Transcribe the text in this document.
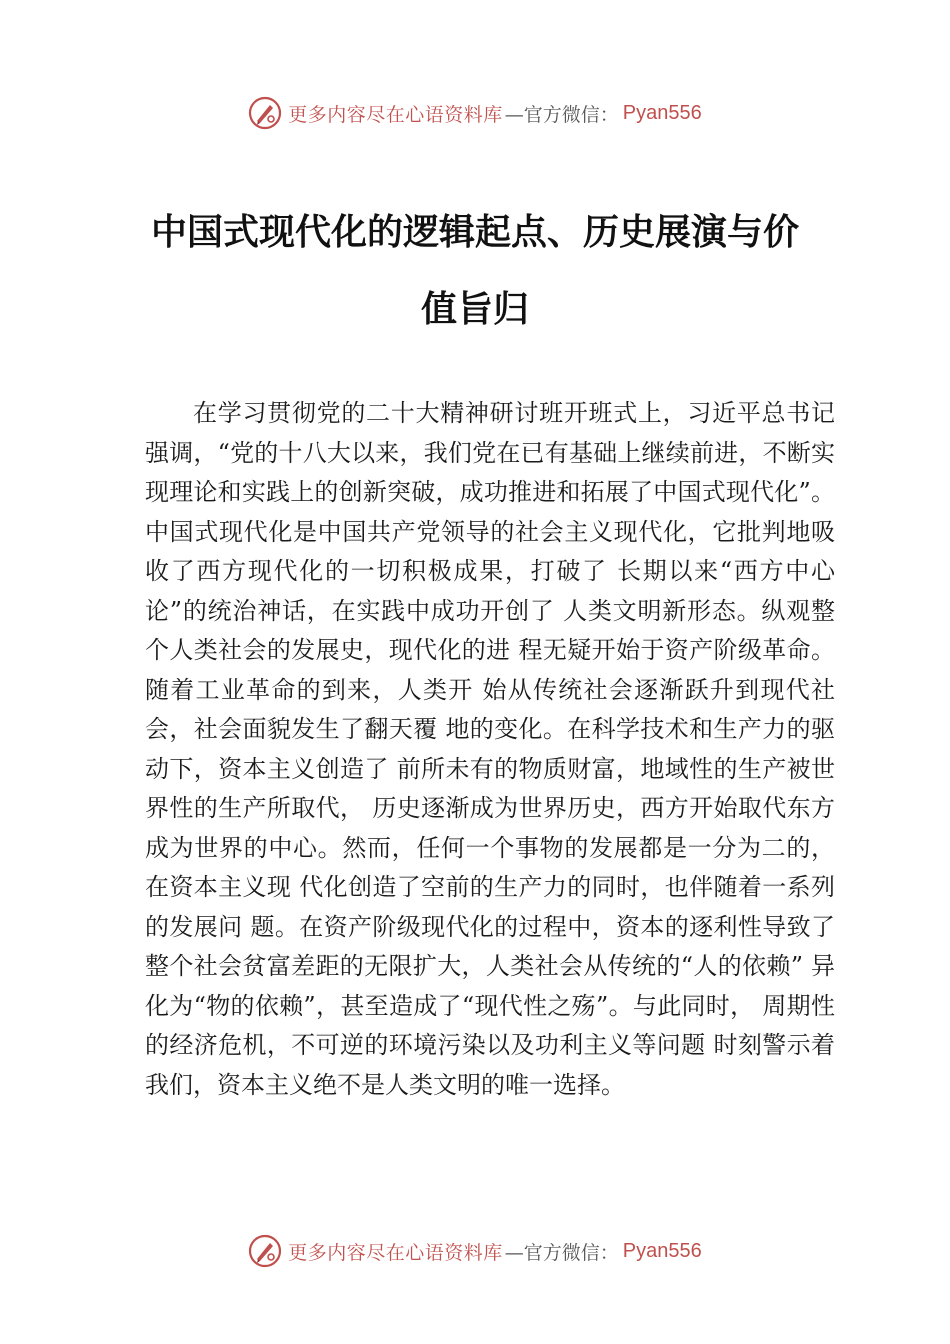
更多内容尽在心语资料库 —官方微信： Pyan556
中国式现代化的逻辑起点、历史展演与价
值旨归

在学习贯彻党的二十大精神研讨班开班式上，习近平总书记强调，“党的十八大以来，我们党在已有基础上继续前进，不断实现理论和实践上的创新突破，成功推进和拓展了中国式现代化”。中国式现代化是中国共产党领导的社会主义现代化，它批判地吸收了西方现代化的一切积极成果，打破了 长期以来“西方中心论”的统治神话，在实践中成功开创了 人类文明新形态。纵观整个人类社会的发展史，现代化的进 程无疑开始于资产阶级革命。随着工业革命的到来，人类开 始从传统社会逐渐跃升到现代社会，社会面貌发生了翻天覆 地的变化。在科学技术和生产力的驱动下，资本主义创造了 前所未有的物质财富，地域性的生产被世界性的生产所取代， 历史逐渐成为世界历史，西方开始取代东方成为世界的中心。然而，任何一个事物的发展都是一分为二的，在资本主义现 代化创造了空前的生产力的同时，也伴随着一系列的发展问 题。在资产阶级现代化的过程中，资本的逐利性导致了整个社会贫富差距的无限扩大，人类社会从传统的“人的依赖” 异化为“物的依赖”，甚至造成了“现代性之殇”。与此同时， 周期性的经济危机，不可逆的环境污染以及功利主义等问题 时刻警示着我们，资本主义绝不是人类文明的唯一选择。

更多内容尽在心语资料库 —官方微信： Pyan556
